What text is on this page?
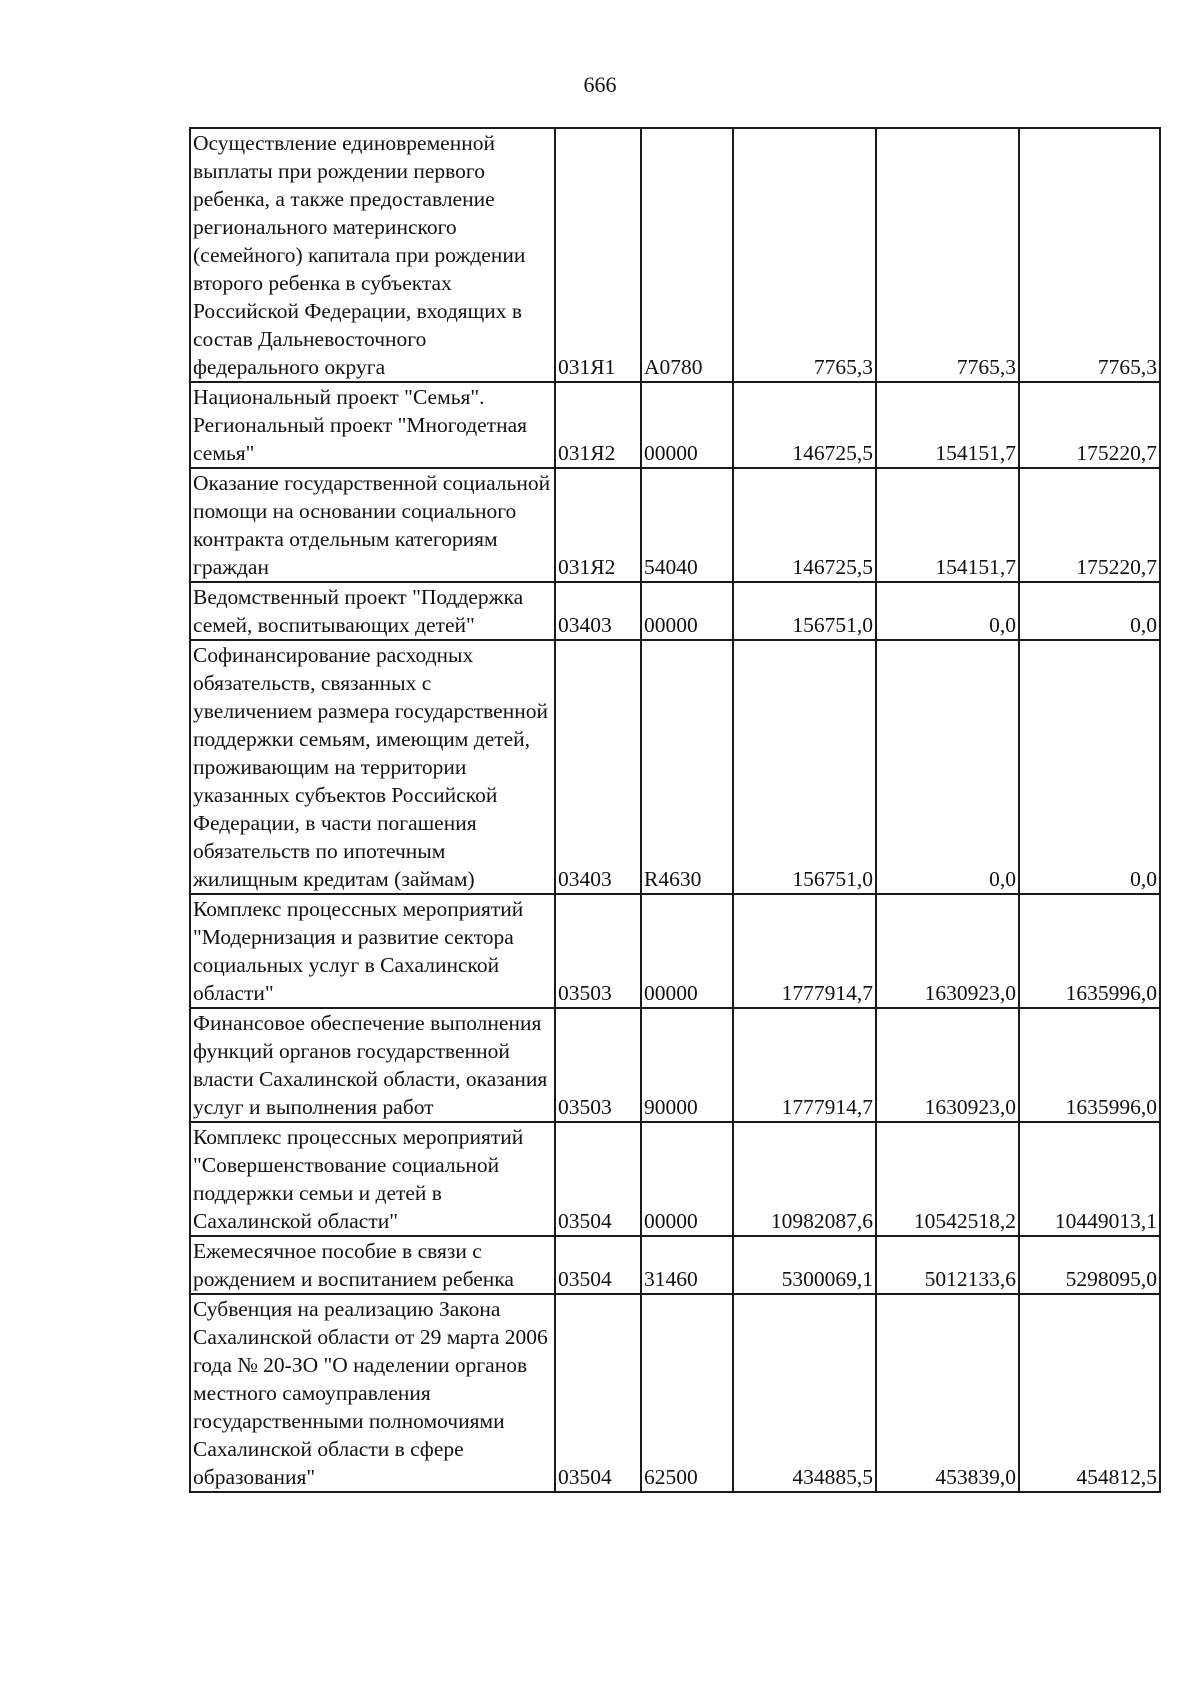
666
Осуществление единовременной выплаты при рождении первого ребенка, а также предоставление регионального материнского (семейного) капитала при рождении второго ребенка в субъектах Российской Федерации, входящих в состав Дальневосточного федерального округа	031Я1	А0780	7765,3	7765,3	7765,3
Национальный проект "Семья". Региональный проект "Многодетная семья"	031Я2	00000	146725,5	154151,7	175220,7
Оказание государственной социальной помощи на основании социального контракта отдельным категориям граждан	031Я2	54040	146725,5	154151,7	175220,7
Ведомственный проект "Поддержка семей, воспитывающих детей"	03403	00000	156751,0	0,0	0,0
Софинансирование расходных обязательств, связанных с увеличением размера государственной поддержки семьям, имеющим детей, проживающим на территории указанных субъектов Российской Федерации, в части погашения обязательств по ипотечным жилищным кредитам (займам)	03403	R4630	156751,0	0,0	0,0
Комплекс процессных мероприятий "Модернизация и развитие сектора социальных услуг в Сахалинской области"	03503	00000	1777914,7	1630923,0	1635996,0
Финансовое обеспечение выполнения функций органов государственной власти Сахалинской области, оказания услуг и выполнения работ	03503	90000	1777914,7	1630923,0	1635996,0
Комплекс процессных мероприятий "Совершенствование социальной поддержки семьи и детей в Сахалинской области"	03504	00000	10982087,6	10542518,2	10449013,1
Ежемесячное пособие в связи с рождением и воспитанием ребенка	03504	31460	5300069,1	5012133,6	5298095,0
Субвенция на реализацию Закона Сахалинской области от 29 марта 2006 года № 20-ЗО "О наделении органов местного самоуправления государственными полномочиями Сахалинской области в сфере образования"	03504	62500	434885,5	453839,0	454812,5
